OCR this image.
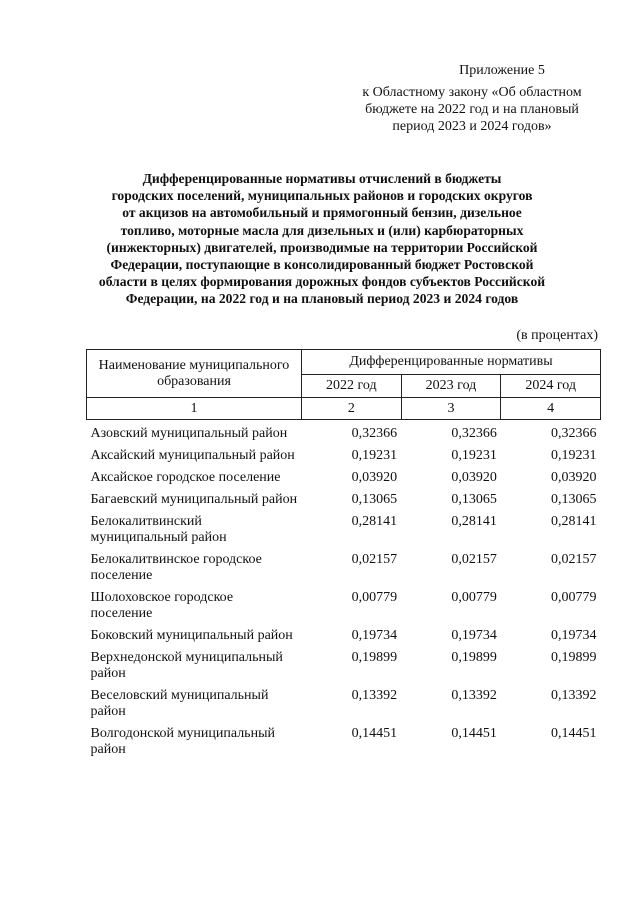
Приложение 5
к Областному закону «Об областном
бюджете на 2022 год и на плановый
период 2023 и 2024 годов»
Дифференцированные нормативы отчислений в бюджеты
городских поселений, муниципальных районов и городских округов
от акцизов на автомобильный и прямогонный бензин, дизельное
топливо, моторные масла для дизельных и (или) карбюраторных
(инжекторных) двигателей, производимые на территории Российской
Федерации, поступающие в консолидированный бюджет Ростовской
области в целях формирования дорожных фондов субъектов Российской
Федерации, на 2022 год и на плановый период 2023 и 2024 годов
(в процентах)
Наименование муниципального образования	Дифференцированные нормативы		
	2022 год	2023 год	2024 год
1	2	3	4

Азовский муниципальный район	0,32366	0,32366	0,32366
Аксайский муниципальный район	0,19231	0,19231	0,19231
Аксайское городское поселение	0,03920	0,03920	0,03920
Багаевский муниципальный район	0,13065	0,13065	0,13065
Белокалитвинский муниципальный район	0,28141	0,28141	0,28141
Белокалитвинское городское поселение	0,02157	0,02157	0,02157
Шолоховское городское поселение	0,00779	0,00779	0,00779
Боковский муниципальный район	0,19734	0,19734	0,19734
Верхнедонской муниципальный район	0,19899	0,19899	0,19899
Веселовский муниципальный район	0,13392	0,13392	0,13392
Волгодонской муниципальный район	0,14451	0,14451	0,14451
